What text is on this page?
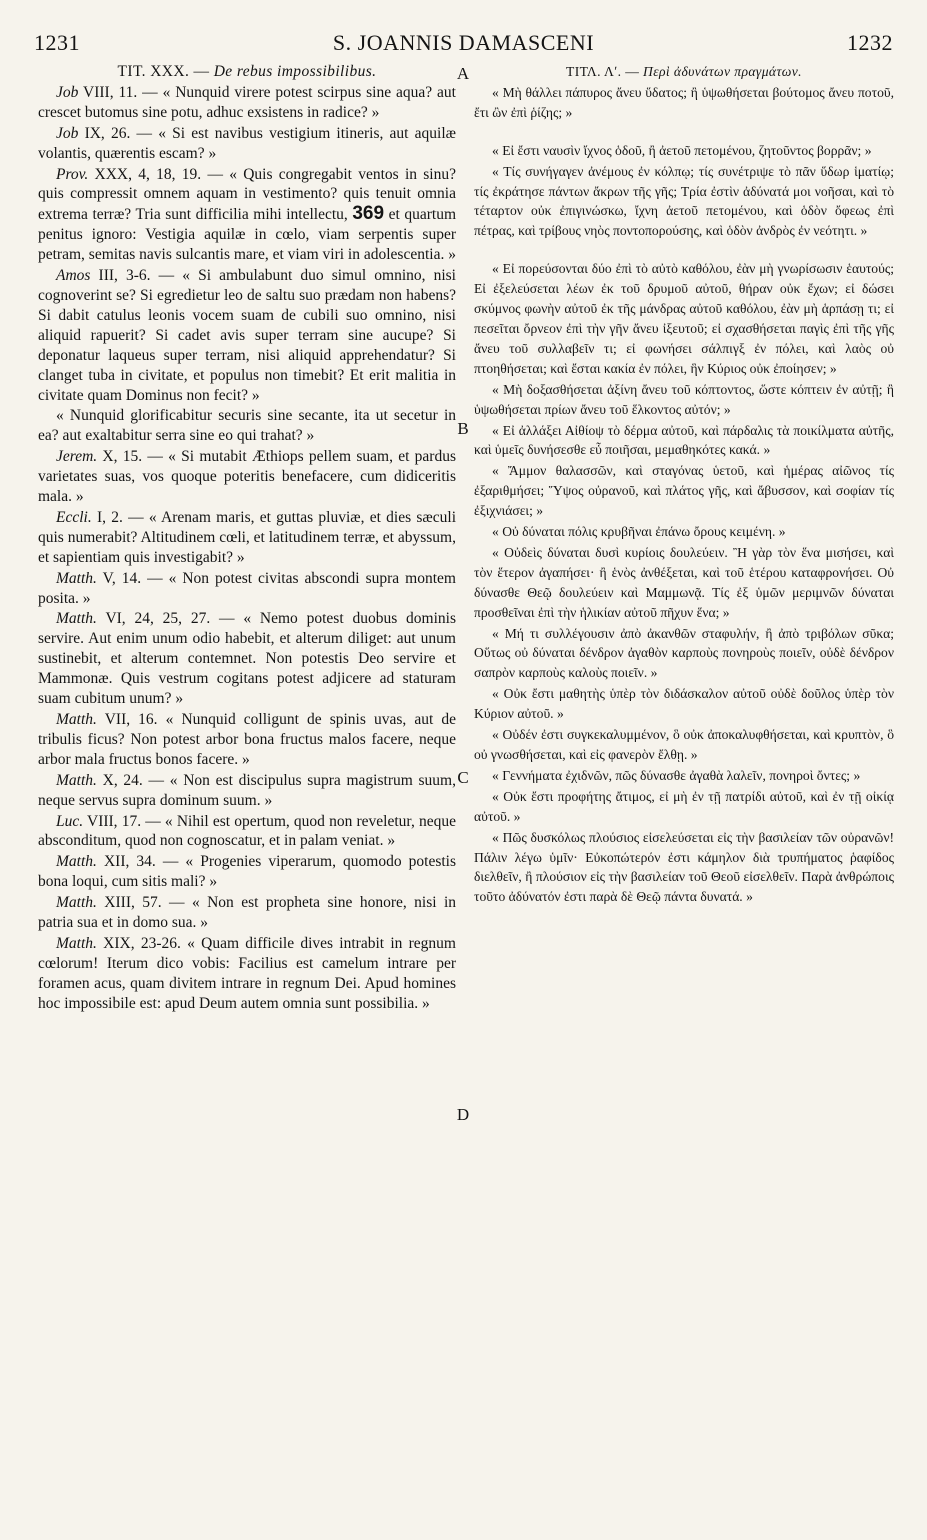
1231	S. JOANNIS DAMASCENI	1232
A
B
C
D
TIT. XXX. — De rebus impossibilibus.

Job VIII, 11. — « Nunquid virere potest scirpus sine aqua? aut crescet butomus sine potu, adhuc exsistens in radice? »

Job IX, 26. — « Si est navibus vestigium itineris, aut aquilæ volantis, quærentis escam? »

Prov. XXX, 4, 18, 19. — « Quis congregabit ventos in sinu? quis compressit omnem aquam in vestimento? quis tenuit omnia extrema terræ? Tria sunt difficilia mihi intellectu, 369 et quartum penitus ignoro: Vestigia aquilæ in cœlo, viam serpentis super petram, semitas navis sulcantis mare, et viam viri in adolescentia. »

Amos III, 3-6. — « Si ambulabunt duo simul omnino, nisi cognoverint se? Si egredietur leo de saltu suo prædam non habens? Si dabit catulus leonis vocem suam de cubili suo omnino, nisi aliquid rapuerit? Si cadet avis super terram sine aucupe? Si deponatur laqueus super terram, nisi aliquid apprehendatur? Si clanget tuba in civitate, et populus non timebit? Et erit malitia in civitate quam Dominus non fecit? »

« Nunquid glorificabitur securis sine secante, ita ut secetur in ea? aut exaltabitur serra sine eo qui trahat? »

Jerem. X, 15. — « Si mutabit Æthiops pellem suam, et pardus varietates suas, vos quoque poteritis benefacere, cum didiceritis mala. »

Eccli. I, 2. — « Arenam maris, et guttas pluviæ, et dies sæculi quis numerabit? Altitudinem cœli, et latitudinem terræ, et abyssum, et sapientiam quis investigabit? »

Matth. V, 14. — « Non potest civitas abscondi supra montem posita. »

Matth. VI, 24, 25, 27. — « Nemo potest duobus dominis servire. Aut enim unum odio habebit, et alterum diliget: aut unum sustinebit, et alterum contemnet. Non potestis Deo servire et Mammonæ. Quis vestrum cogitans potest adjicere ad staturam suam cubitum unum? »

Matth. VII, 16. « Nunquid colligunt de spinis uvas, aut de tribulis ficus? Non potest arbor bona fructus malos facere, neque arbor mala fructus bonos facere. »

Matth. X, 24. — « Non est discipulus supra magistrum suum, neque servus supra dominum suum. »

Luc. VIII, 17. — « Nihil est opertum, quod non reveletur, neque absconditum, quod non cognoscatur, et in palam veniat. »

Matth. XII, 34. — « Progenies viperarum, quomodo potestis bona loqui, cum sitis mali? »

Matth. XIII, 57. — « Non est propheta sine honore, nisi in patria sua et in domo sua. »

Matth. XIX, 23-26. « Quam difficile dives intrabit in regnum cœlorum! Iterum dico vobis: Facilius est camelum intrare per foramen acus, quam divitem intrare in regnum Dei. Apud homines hoc impossibile est: apud Deum autem omnia sunt possibilia. »

ΤΙΤΛ. Λʹ. — Περὶ ἀδυνάτων πραγμάτων.

« Μὴ θάλλει πάπυρος ἄνευ ὕδατος; ἢ ὑψωθήσεται βούτομος ἄνευ ποτοῦ, ἔτι ὢν ἐπὶ ῥίζης; »

« Εἰ ἔστι ναυσὶν ἴχνος ὁδοῦ, ἢ ἀετοῦ πετομένου, ζητοῦντος βορρᾶν; »

« Τίς συνήγαγεν ἀνέμους ἐν κόλπῳ; τίς συνέτριψε τὸ πᾶν ὕδωρ ἱματίῳ; τίς ἐκράτησε πάντων ἄκρων τῆς γῆς; Τρία ἐστὶν ἀδύνατά μοι νοῆσαι, καὶ τὸ τέταρτον οὐκ ἐπιγινώσκω, ἴχνη ἀετοῦ πετομένου, καὶ ὁδὸν ὄφεως ἐπὶ πέτρας, καὶ τρίβους νηὸς ποντοπορούσης, καὶ ὁδὸν ἀνδρὸς ἐν νεότητι. »

« Εἰ πορεύσονται δύο ἐπὶ τὸ αὐτὸ καθόλου, ἐὰν μὴ γνωρίσωσιν ἑαυτούς; Εἰ ἐξελεύσεται λέων ἐκ τοῦ δρυμοῦ αὐτοῦ, θήραν οὐκ ἔχων; εἰ δώσει σκύμνος φωνὴν αὐτοῦ ἐκ τῆς μάνδρας αὐτοῦ καθόλου, ἐὰν μὴ ἁρπάσῃ τι; εἰ πεσεῖται ὄρνεον ἐπὶ τὴν γῆν ἄνευ ἰξευτοῦ; εἰ σχασθήσεται παγὶς ἐπὶ τῆς γῆς ἄνευ τοῦ συλλαβεῖν τι; εἰ φωνήσει σάλπιγξ ἐν πόλει, καὶ λαὸς οὐ πτοηθήσεται; καὶ ἔσται κακία ἐν πόλει, ἣν Κύριος οὐκ ἐποίησεν; »

« Μὴ δοξασθήσεται ἀξίνη ἄνευ τοῦ κόπτοντος, ὥστε κόπτειν ἐν αὐτῇ; ἢ ὑψωθήσεται πρίων ἄνευ τοῦ ἕλκοντος αὐτόν; »

« Εἰ ἀλλάξει Αἰθίοψ τὸ δέρμα αὐτοῦ, καὶ πάρδαλις τὰ ποικίλματα αὐτῆς, καὶ ὑμεῖς δυνήσεσθε εὖ ποιῆσαι, μεμαθηκότες κακά. »

« Ἄμμον θαλασσῶν, καὶ σταγόνας ὑετοῦ, καὶ ἡμέρας αἰῶνος τίς ἐξαριθμήσει; Ὕψος οὐρανοῦ, καὶ πλάτος γῆς, καὶ ἄβυσσον, καὶ σοφίαν τίς ἐξιχνιάσει; »

« Οὐ δύναται πόλις κρυβῆναι ἐπάνω ὄρους κειμένη. »

« Οὐδεὶς δύναται δυσὶ κυρίοις δουλεύειν. Ἢ γὰρ τὸν ἕνα μισήσει, καὶ τὸν ἕτερον ἀγαπήσει· ἢ ἑνὸς ἀνθέξεται, καὶ τοῦ ἑτέρου καταφρονήσει. Οὐ δύνασθε Θεῷ δουλεύειν καὶ Μαμμωνᾷ. Τίς ἐξ ὑμῶν μεριμνῶν δύναται προσθεῖναι ἐπὶ τὴν ἡλικίαν αὐτοῦ πῆχυν ἕνα; »

« Μή τι συλλέγουσιν ἀπὸ ἀκανθῶν σταφυλήν, ἢ ἀπὸ τριβόλων σῦκα; Οὕτως οὐ δύναται δένδρον ἀγαθὸν καρποὺς πονηροὺς ποιεῖν, οὐδὲ δένδρον σαπρὸν καρποὺς καλοὺς ποιεῖν. »

« Οὐκ ἔστι μαθητὴς ὑπὲρ τὸν διδάσκαλον αὐτοῦ οὐδὲ δοῦλος ὑπὲρ τὸν Κύριον αὐτοῦ. »

« Οὐδέν ἐστι συγκεκαλυμμένον, ὃ οὐκ ἀποκαλυφθήσεται, καὶ κρυπτὸν, ὃ οὐ γνωσθήσεται, καὶ εἰς φανερὸν ἔλθῃ. »

« Γεννήματα ἐχιδνῶν, πῶς δύνασθε ἀγαθὰ λαλεῖν, πονηροὶ ὄντες; »

« Οὐκ ἔστι προφήτης ἄτιμος, εἰ μὴ ἐν τῇ πατρίδι αὐτοῦ, καὶ ἐν τῇ οἰκίᾳ αὐτοῦ. »

« Πῶς δυσκόλως πλούσιος εἰσελεύσεται εἰς τὴν βασιλείαν τῶν οὐρανῶν! Πάλιν λέγω ὑμῖν· Εὐκοπώτερόν ἐστι κάμηλον διὰ τρυπήματος ῥαφίδος διελθεῖν, ἢ πλούσιον εἰς τὴν βασιλείαν τοῦ Θεοῦ εἰσελθεῖν. Παρὰ ἀνθρώποις τοῦτο ἀδύνατόν ἐστι παρὰ δὲ Θεῷ πάντα δυνατά. »
